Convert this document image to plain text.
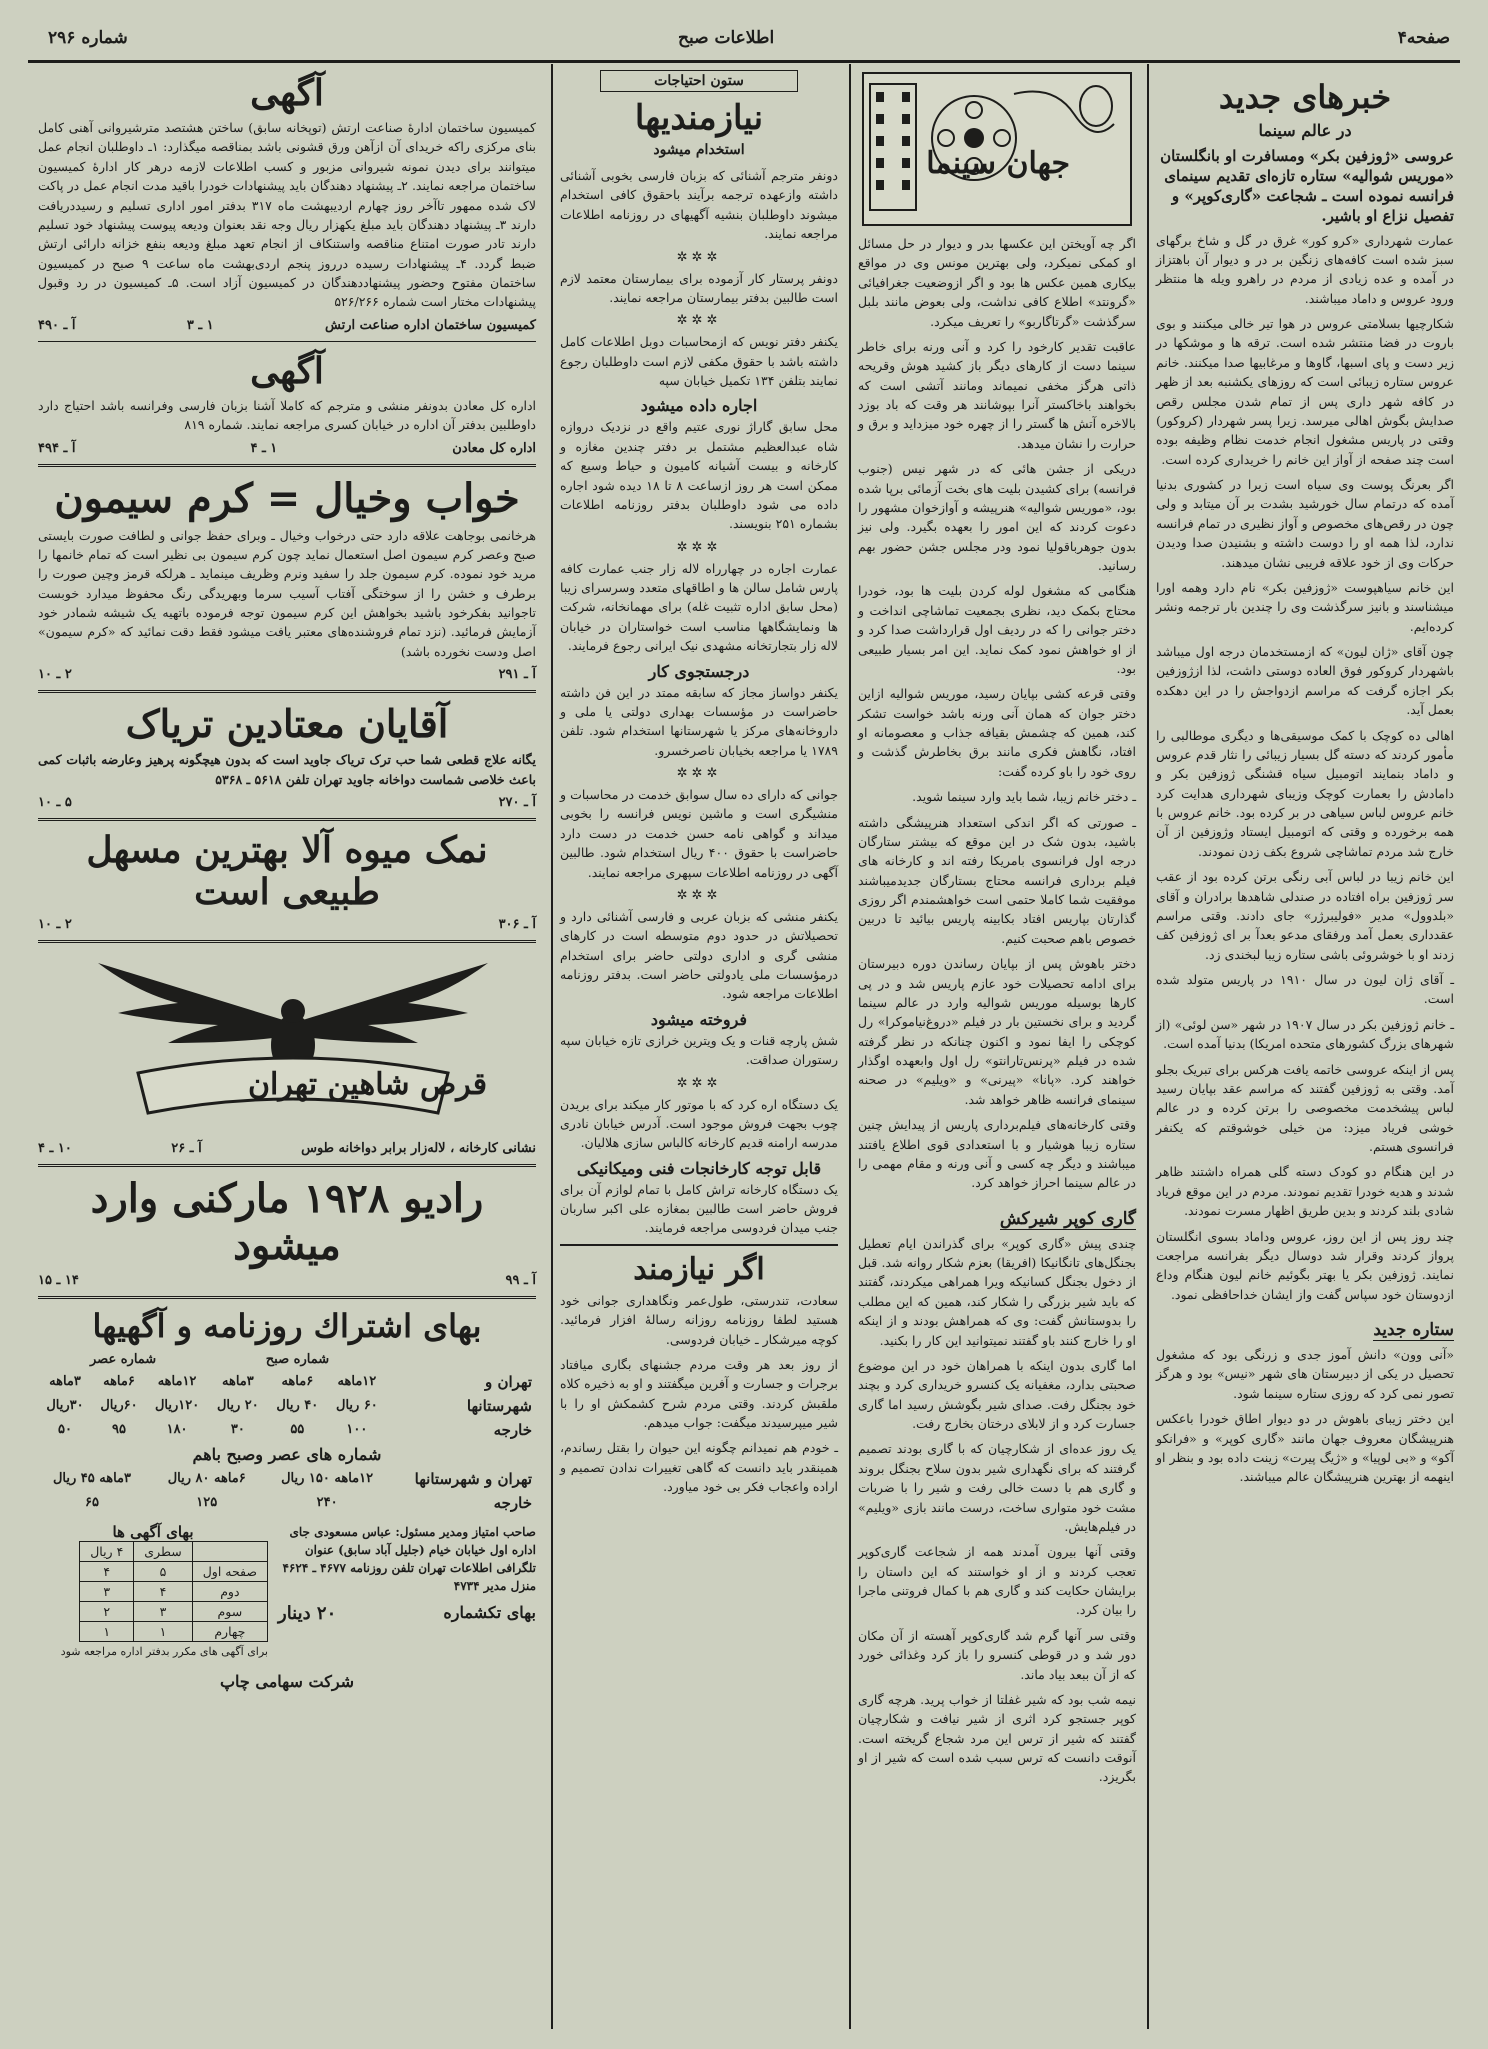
صفحه۴
اطلاعات صبح
شماره ۲۹۶
خبرهای جدید
در عالم سینما
عروسی «ژوزفین بکر» ومسافرت او بانگلستان «موریس شوالیه» ستاره تازه‌ای تقدیم سینمای فرانسه نموده است ـ شجاعت «گاری‌کوپر» و تفصیل نزاع او باشیر.

عمارت شهرداری «کرو کور» غرق در گل و شاخ برگهای سبز شده است کافه‌های زنگین بر در و دیوار آن باهتزاز در آمده و عده زیادی از مردم در راهرو ویله ها منتظر ورود عروس و داماد میباشند.

شکارچیها بسلامتی عروس در هوا تیر خالی میکنند و بوی باروت در فضا منتشر شده است. ترقه ها و موشکها در زیر دست و پای اسبها، گاوها و مرغابیها صدا میکنند. خانم عروس ستاره زیبائی است که روزهای یکشنبه بعد از ظهر در کافه شهر داری پس از تمام شدن مجلس رقص صدایش بگوش اهالی میرسد. زیرا پسر شهردار (کروکور) وقتی در پاریس مشغول انجام خدمت نظام وظیفه بوده است چند صفحه از آواز این خانم را خریداری کرده است.

اگر بعرنگ پوست وی سیاه است زیرا در کشوری بدنیا آمده که درتمام سال خورشید بشدت بر آن میتابد و ولی چون در رقص‌های مخصوص و آواز نظیری در تمام فرانسه ندارد، لذا همه او را دوست داشته و بشنیدن صدا ودیدن حرکات وی از خود علاقه فریبی نشان میدهند.

این خانم سیاهپوست «ژوزفین بکر» نام دارد وهمه اورا میشناسند و بانیز سرگذشت وی را چندین بار ترجمه ونشر کرده‌ایم.

چون آقای «ژان لیون» که ازمستخدمان درجه اول میباشد باشهردار کروکور فوق العاده دوستی داشت، لذا ازژوزفین بکر اجازه گرفت که مراسم ازدواجش را در این دهکده بعمل آید.

اهالی ده کوچک با کمک موسیقی‌ها و دیگری موطالبی را مأمور کردند که دسته گل بسیار زیبائی را نثار قدم عروس و داماد بنمایند اتومبیل سیاه قشنگی ژوزفین بکر و دامادش را بعمارت کوچک وزیبای شهرداری هدایت کرد خانم عروس لباس سیاهی در بر کرده بود. خانم عروس با همه برخورده و وقتی که اتومبیل ایستاد وژوزفین از آن خارج شد مردم تماشاچی شروع بکف زدن نمودند.

این خانم زیبا در لباس آبی رنگی برتن کرده بود از عقب سر ژوزفین براه افتاده در صندلی شاهدها برادران و آقای «بلدوول» مدیر «فولیبرژر» جای دادند. وقتی مراسم عقدداری بعمل آمد ورفقای مدعو بعدآ بر ای ژوزفین کف زدند او با خوشروئی باشی ستاره زیبا لبخندی زد.

ـ آقای ژان لیون در سال ۱۹۱۰ در پاریس متولد شده است.

ـ خانم ژوزفین بکر در سال ۱۹۰۷ در شهر «سن لوئی» (از شهرهای بزرگ کشورهای متحده امریکا) بدنیا آمده است.

پس از اینکه عروسی خاتمه یافت هرکس برای تبریک بجلو آمد. وقتی به ژوزفین گفتند که مراسم عقد بپایان رسید لباس پیشخدمت مخصوصی را برتن کرده و در عالم خوشی فریاد میزد: من خیلی خوشوقتم که یکنفر فرانسوی هستم.

در این هنگام دو کودک دسته گلی همراه داشتند ظاهر شدند و هدیه خودرا تقدیم نمودند. مردم در این موقع فریاد شادی بلند کردند و بدین طریق اظهار مسرت نمودند.

چند روز پس از این روز، عروس وداماد بسوی انگلستان پرواز کردند وقرار شد دوسال دیگر بفرانسه مراجعت نمایند. ژوزفین بکر یا بهتر بگوئیم خانم لیون هنگام وداع ازدوستان خود سپاس گفت واز ایشان خداحافظی نمود.

ستاره جدید

«آنی وون» دانش آموز جدی و زرنگی بود که مشغول تحصیل در یکی از دبیرستان های شهر «نیس» بود و هرگز تصور نمی کرد که روزی ستاره سینما شود.

این دختر زیبای باهوش در دو دیوار اطاق خودرا باعکس هنرپیشگان معروف جهان مانند «گاری کوپر» و «فرانکو آکو» و «بی لوپیا» و «ژیگ پیرت» زینت داده بود و بنظر او اینهمه از بهترین هنرپیشگان عالم میباشند.

جهان سینما

اگر چه آویختن این عکسها بدر و دیوار در حل مسائل او کمکی نمیکرد، ولی بهترین مونس وی در مواقع بیکاری همین عکس ها بود و اگر ازوضعیت جغرافیائی «گرونتد» اطلاع کافی نداشت، ولی بعوض مانند بلبل سرگذشت «گرتاگاربو» را تعریف میکرد.

عاقبت تقدیر کارخود را کرد و آنی ورنه برای خاطر سینما دست از کارهای دیگر باز کشید هوش وقریحه ذاتی هرگز مخفی نمیماند ومانند آتشی است که بخواهند باخاکستر آنرا بپوشانند هر وقت که باد بوزد بالاخره آتش ها گستر را از چهره خود میزداید و برق و حرارت را نشان میدهد.

دریکی از جشن هائی که در شهر نیس (جنوب فرانسه) برای کشیدن بلیت های بخت آزمائی برپا شده بود، «موریس شوالیه» هنرپیشه و آوازخوان مشهور را دعوت کردند که این امور را بعهده بگیرد. ولی نیز بدون جوهرباقولیا نمود ودر مجلس جشن حضور بهم رسانید.

هنگامی که مشغول لوله کردن بلیت ها بود، خودرا محتاج بکمک دید، نظری بجمعیت تماشاچی انداخت و دختر جوانی را که در ردیف اول قرارداشت صدا کرد و از او خواهش نمود کمک نماید. این امر بسیار طبیعی بود.

وقتی قرعه کشی بپایان رسید، موریس شوالیه ازاین دختر جوان که همان آنی ورنه باشد خواست تشکر کند، همین که چشمش بقیافه جذاب و معصومانه او افتاد، نگاهش فکری مانند برق بخاطرش گذشت و روی خود را باو کرده گفت:

ـ دختر خانم زیبا، شما باید وارد سینما شوید.

ـ صورتی که اگر اندکی استعداد هنرپیشگی داشته باشید، بدون شک در این موقع که بیشتر ستارگان درجه اول فرانسوی بامریکا رفته اند و کارخانه های فیلم برداری فرانسه محتاج بستارگان جدیدمیباشند موفقیت شما کاملا حتمی است خواهشمندم اگر روزی گذارتان بپاریس افتاد بکابینه پاریس بیائید تا دربین خصوص باهم صحبت کنیم.

دختر باهوش پس از بپایان رساندن دوره دبیرستان برای ادامه تحصیلات خود عازم پاریس شد و در پی کارها بوسیله موریس شوالیه وارد در عالم سینما گردید و برای نخستین بار در فیلم «دروغ‌نیاموکرا» رل کوچکی را ایفا نمود و اکنون چنانکه در نظر گرفته شده در فیلم «پرنس‌تارانتو» رل اول وابعهده اوگذار خواهند کرد. «پانا» «پیرنی» و «ویلیم» در صحنه سینمای فرانسه ظاهر خواهد شد.

وقتی کارخانه‌های فیلم‌برداری پاریس از پیدایش چنین ستاره زیبا هوشیار و با استعدادی قوی اطلاع یافتند میباشند و دیگر چه کسی و آنی ورنه و مقام مهمی را در عالم سینما احراز خواهد کرد.

گاری کوپر شیرکش

چندی پیش «گاری کوپر» برای گذراندن ایام تعطیل بجنگل‌های تانگانیکا (افریقا) بعزم شکار روانه شد. قبل از دخول بجنگل کسانیکه ویرا همراهی میکردند، گفتند که باید شیر بزرگی را شکار کند، همین که این مطلب را بدوستانش گفت: وی که همراهش بودند و از اینکه او را خارج کنند باو گفتند نمیتوانید این کار را بکنید.

اما گاری بدون اینکه با همراهان خود در این موضوع صحبتی بدارد، مغفیانه یک کنسرو خریداری کرد و بچند خود بجنگل رفت. صدای شیر بگوشش رسید اما گاری جسارت کرد و از لابلای درختان بخارج رفت.

یک روز عده‌ای از شکارچیان که با گاری بودند تصمیم گرفتند که برای نگهداری شیر بدون سلاح بجنگل بروند و گاری هم با دست خالی رفت و شیر را با ضربات مشت خود متواری ساخت، درست مانند بازی «ویلیم» در فیلم‌هایش.

وقتی آنها بیرون آمدند همه از شجاعت گاری‌کوپر تعجب کردند و از او خواستند که این داستان را برایشان حکایت کند و گاری هم با کمال فروتنی ماجرا را بیان کرد.

وقتی سر آنها گرم شد گاری‌کوپر آهسته از آن مکان دور شد و در قوطی کنسرو را باز کرد وغذائی خورد که از آن ببعد بیاد ماند.

نیمه شب بود که شیر غفلتا از خواب پرید. هرچه گاری کوپر جستجو کرد اثری از شیر نیافت و شکارچیان گفتند که شیر از ترس این مرد شجاع گریخته است. آنوقت دانست که ترس سبب شده است که شیر از او بگریزد.

ستون احتیاجات
نیازمندیها
استخدام میشود

دونفر مترجم آشنائی که بزبان فارسی بخوبی آشنائی داشته وازعهده ترجمه برآیند باحقوق کافی استخدام میشوند داوطلبان بنشیه آگهیهای در روزنامه اطلاعات مراجعه نمایند.

✲✲✲

دونفر پرستار کار آزموده برای بیمارستان معتمد لازم است طالبین بدفتر بیمارستان مراجعه نمایند.

✲✲✲

یکنفر دفتر نویس که ازمحاسبات دوبل اطلاعات کامل داشته باشد با حقوق مکفی لازم است داوطلبان رجوع نمایند بتلفن ۱۳۴ تکمیل خیابان سپه

اجاره داده میشود

محل سابق گاراژ نوری عتیم واقع در نزدیک دروازه شاه عبدالعظیم مشتمل بر دفتر چندین مغازه و کارخانه و بیست آشیانه کامیون و حیاط وسیع که ممکن است هر روز ازساعت ۸ تا ۱۸ دیده شود اجاره داده می شود داوطلبان بدفتر روزنامه اطلاعات بشماره ۲۵۱ بنویسند.

✲✲✲

عمارت اجاره در چهارراه لاله زار جنب عمارت کافه پارس شامل سالن ها و اطاقهای متعدد وسرسرای زیبا (محل سابق اداره تثبیت غله) برای مهمانخانه، شرکت ها ونمایشگاهها مناسب است خواستاران در خیابان لاله زار بتجارتخانه مشهدی نیک ایرانی رجوع فرمایند.

درجستجوی کار

یکنفر دواساز مجاز که سابقه ممتد در این فن داشته حاضراست در مؤسسات بهداری دولتی یا ملی و داروخانه‌های مرکز یا شهرستانها استخدام شود. تلفن ۱۷۸۹ یا مراجعه بخیابان ناصرخسرو.

✲✲✲

جوانی که دارای ده سال سوابق خدمت در محاسبات و منشیگری است و ماشین نویس فرانسه را بخوبی میداند و گواهی نامه حسن خدمت در دست دارد حاضراست با حقوق ۴۰۰ ریال استخدام شود. طالبین آگهی در روزنامه اطلاعات سپهری مراجعه نمایند.

✲✲✲

یکنفر منشی که بزبان عربی و فارسی آشنائی دارد و تحصیلاتش در حدود دوم متوسطه است در کارهای منشی گری و اداری دولتی حاضر برای استخدام درمؤسسات ملی یادولتی حاضر است. بدفتر روزنامه اطلاعات مراجعه شود.

فروخته میشود

شش پارچه قنات و یک ویترین خرازی تازه خیابان سپه رستوران صداقت.

✲✲✲

یک دستگاه اره کرد که با موتور کار میکند برای بریدن چوب بجهت فروش موجود است. آدرس خیابان نادری مدرسه ارامنه قدیم کارخانه کالباس سازی هلالیان.

قابل توجه کارخانجات فنی ومیکانیکی

یک دستگاه کارخانه تراش کامل با تمام لوازم آن برای فروش حاضر است طالبین بمغازه علی اکبر ساربان جنب میدان فردوسی مراجعه فرمایند.

اگر نیازمند

سعادت، تندرستی، طول‌عمر ونگاهداری جوانی خود هستید لطفا روزنامه روزانه رسالهٔ افزار فرمائید. کوچه میرشکار ـ خیابان فردوسی.

از روز بعد هر وقت مردم جشنهای بگاری میافتاد برجرات و جسارت و آفرین میگفتند و او به ذخیره کلاه ملقبش کردند. وقتی مردم شرح کشمکش او را با شیر میپرسیدند میگفت: جواب میدهم.

ـ خودم هم نمیدانم چگونه این حیوان را بقتل رساندم، همینقدر باید دانست که گاهی تغییرات ندادن تصمیم و اراده واعجاب فکر بی خود میاورد.

آگهی

کمیسیون ساختمان ادارهٔ صناعت ارتش (توپخانه سابق) ساختن هشتصد مترشیروانی آهنی کامل بنای مرکزی راکه خریدای آن ازآهن ورق قشونی باشد بمناقصه میگذارد: ۱ـ داوطلبان انجام عمل میتوانند برای دیدن نمونه شیروانی مزبور و کسب اطلاعات لازمه درهر کار ادارهٔ کمیسیون ساختمان مراجعه نمایند. ۲ـ پیشنهاد دهندگان باید پیشنهادات خودرا باقید مدت انجام عمل در پاکت لاک شده ممهور تاآخر روز چهارم اردیبهشت ماه ۳۱۷ بدفتر امور اداری تسلیم و رسیددریافت دارند ۳ـ پیشنهاد دهندگان باید مبلغ یکهزار ریال وجه نقد بعنوان ودیعه پیوست پیشنهاد خود تسلیم دارند تادر صورت امتناع مناقصه واستنکاف از انجام تعهد مبلغ ودیعه بنفع خزانه دارائی ارتش ضبط گردد. ۴ـ پیشنهادات رسیده درروز پنجم اردی‌بهشت ماه ساعت ۹ صبح در کمیسیون ساختمان مفتوح وحضور پیشنهاددهندگان در کمیسیون آزاد است. ۵ـ کمیسیون در رد وقبول پیشنهادات مختار است شماره ۵۲۶/۲۶۶

کمیسیون ساختمان اداره صناعت ارتش
۱ ـ ۳
آ ـ ۴۹۰
آگهی

اداره کل معادن بدونفر منشی و مترجم که کاملا آشنا بزبان فارسی وفرانسه باشد احتیاج دارد داوطلبین بدفتر آن اداره در خیابان کسری مراجعه نمایند. شماره ۸۱۹

اداره کل معادن
۱ ـ ۴
آ ـ ۴۹۴
خواب وخیال = کرم سیمون

هرخانمی بوجاهت علاقه دارد حتی درخواب وخیال ـ وبرای حفظ جوانی و لطافت صورت بایستی صبح وعصر کرم سیمون اصل استعمال نماید چون کرم سیمون بی نظیر است که تمام خانمها را مرید خود نموده. کرم سیمون جلد را سفید ونرم وظریف مینماید ـ هرلکه قرمز وچین صورت را برطرف و خشن را از سوختگی آفتاب آسیب سرما وبهریدگی رنگ محفوظ میدارد خوبست تاجوانید بفکرخود باشید بخواهش این کرم سیمون توجه فرموده باتهیه یک شیشه شمادر خود آزمایش فرمائید. (نزد تمام فروشنده‌های معتبر یافت میشود فقط دقت نمائید که «کرم سیمون» اصل ودست نخورده باشد)

آ ـ ۲۹۱
۲ ـ ۱۰
آقایان معتادین تریاک

یگانه علاج قطعی شما حب ترک تریاک جاوید است که بدون هیچگونه پرهیز وعارضه باثبات کمی باعث خلاصی شماست دواخانه جاوید تهران تلفن ۵۶۱۸ ـ ۵۳۶۸

آ ـ ۲۷۰
۵ ـ ۱۰
نمک میوه آلا بهترین مسهل طبیعی است
آ ـ ۳۰۶
۲ ـ ۱۰
قرص شاهین تهران
نشانی کارخانه ، لاله‌زار برابر دواخانه طوس
آ ـ ۲۶
۱۰ ـ ۴
رادیو ۱۹۲۸ مارکنی وارد میشود
آ ـ ۹۹
۱۴ ـ ۱۵
بهای اشتراك روزنامه و آگهیها
	شماره صبح			شماره عصر		
تهران و	۱۲ماهه	۶ماهه	۳ماهه	۱۲ماهه	۶ماهه	۳ماهه
شهرستانها	۶۰ ریال	۴۰ ریال	۲۰ ریال	۱۲۰ریال	۶۰ریال	۳۰ریال
خارجه	۱۰۰	۵۵	۳۰	۱۸۰	۹۵	۵۰
شماره های عصر وصبح باهم						
تهران و شهرستانها	۱۲ماهه ۱۵۰ ریال		۶ماهه ۸۰ ریال		۳ماهه ۴۵ ریال	
خارجه	۲۴۰		۱۲۵		۶۵	
صاحب امتیاز ومدیر مسئول: عباس مسعودی جای اداره اول خیابان خیام (جلیل آباد سابق) عنوان تلگرافی اطلاعات تهران تلفن روزنامه ۴۶۷۷ ـ ۴۶۲۴ منزل مدیر ۴۷۳۴
بهای تکشماره
۲۰ دینار
بهای آگهی ها
	سطری	۴ ریال
صفحه اول	۵	۴
دوم	۴	۳
سوم	۳	۲
چهارم	۱	۱
برای آگهی های مکرر بدفتر اداره مراجعه شود
شرکت سهامی چاپ
